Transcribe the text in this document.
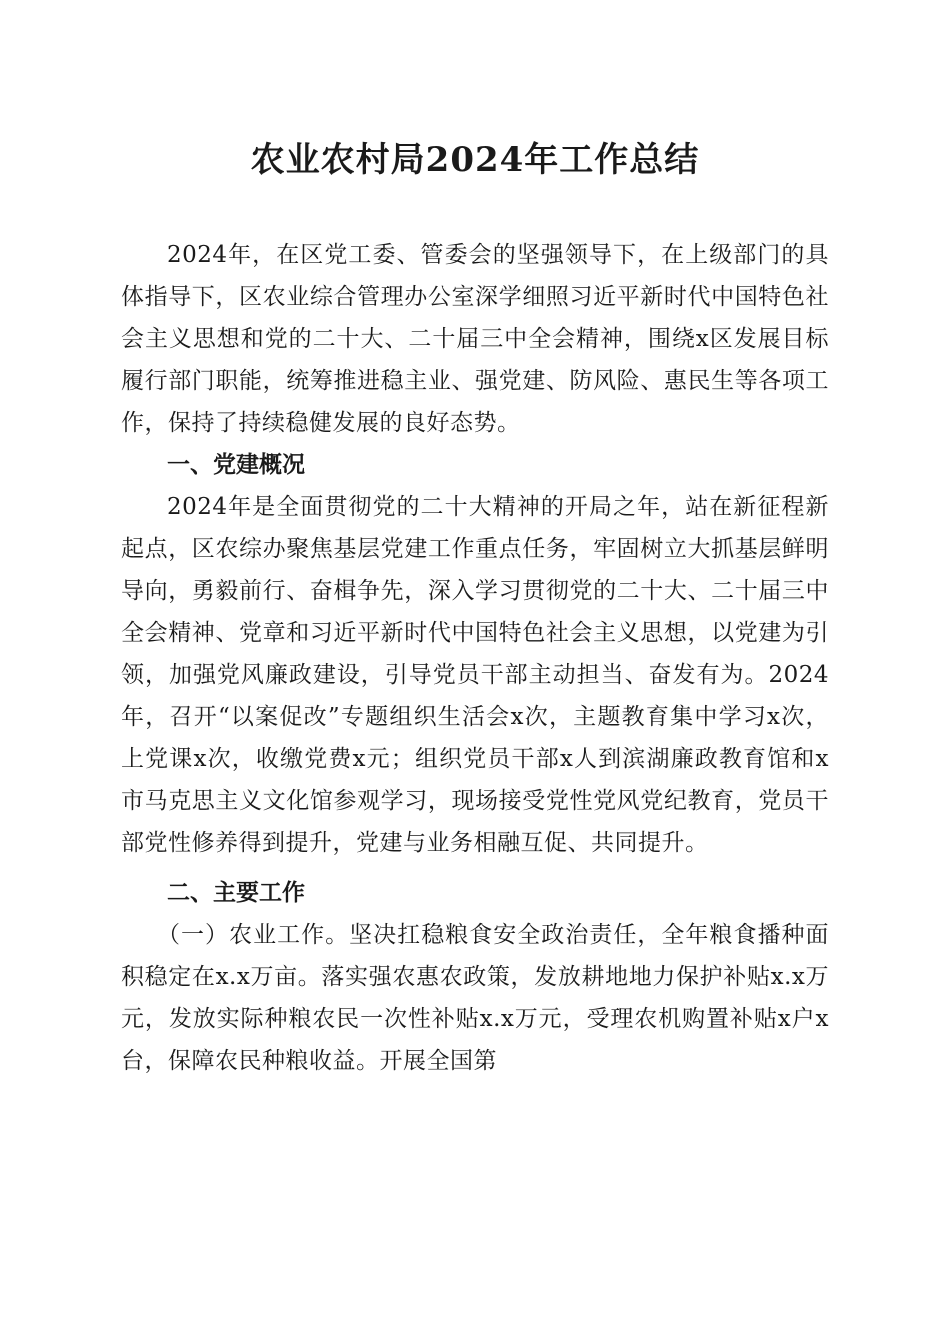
农业农村局2024年工作总结

2024年，在区党工委、管委会的坚强领导下，在上级部门的具体指导下，区农业综合管理办公室深学细照习近平新时代中国特色社会主义思想和党的二十大、二十届三中全会精神，围绕x区发展目标履行部门职能，统筹推进稳主业、强党建、防风险、惠民生等各项工作，保持了持续稳健发展的良好态势。

一、党建概况

2024年是全面贯彻党的二十大精神的开局之年，站在新征程新起点，区农综办聚焦基层党建工作重点任务，牢固树立大抓基层鲜明导向，勇毅前行、奋楫争先，深入学习贯彻党的二十大、二十届三中全会精神、党章和习近平新时代中国特色社会主义思想，以党建为引领，加强党风廉政建设，引导党员干部主动担当、奋发有为。2024年，召开“以案促改”专题组织生活会x次，主题教育集中学习x次，上党课x次，收缴党费x元；组织党员干部x人到滨湖廉政教育馆和x市马克思主义文化馆参观学习，现场接受党性党风党纪教育，党员干部党性修养得到提升，党建与业务相融互促、共同提升。

二、主要工作

（一）农业工作。坚决扛稳粮食安全政治责任，全年粮食播种面积稳定在x.x万亩。落实强农惠农政策，发放耕地地力保护补贴x.x万元，发放实际种粮农民一次性补贴x.x万元，受理农机购置补贴x户x台，保障农民种粮收益。开展全国第
